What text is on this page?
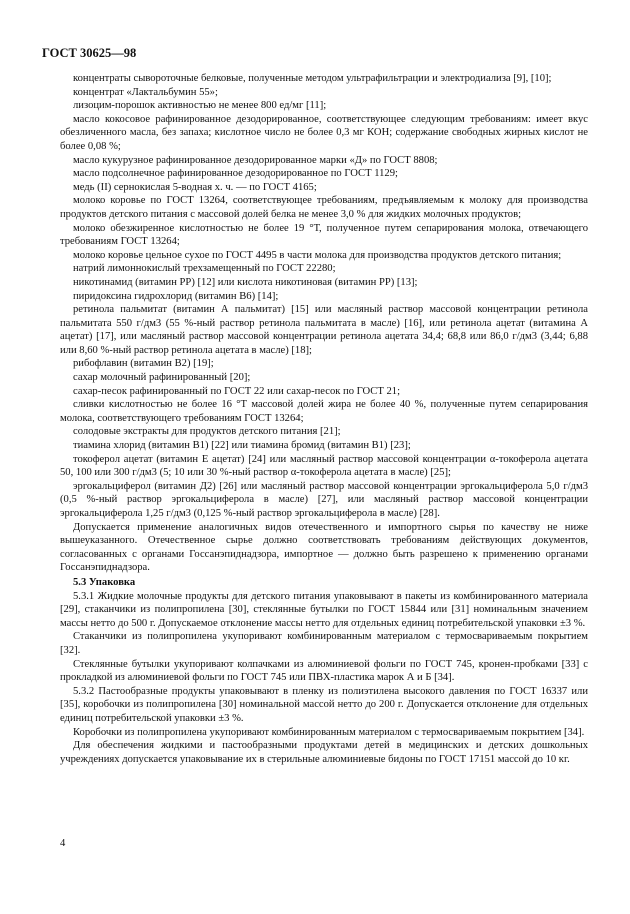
ГОСТ 30625—98

концентраты сывороточные белковые, полученные методом ультрафильтрации и электродиализа [9], [10];

концентрат «Лактальбумин 55»;

лизоцим-порошок активностью не менее 800 ед/мг [11];

масло кокосовое рафинированное дезодорированное, соответствующее следующим требованиям: имеет вкус обезличенного масла, без запаха; кислотное число не более 0,3 мг КОН; содержание свободных жирных кислот не более 0,08 %;

масло кукурузное рафинированное дезодорированное марки «Д» по ГОСТ 8808;

масло подсолнечное рафинированное дезодорированное по ГОСТ 1129;

медь (II) сернокислая 5-водная х. ч. — по ГОСТ 4165;

молоко коровье по ГОСТ 13264, соответствующее требованиям, предъявляемым к молоку для производства продуктов детского питания с массовой долей белка не менее 3,0 % для жидких молочных продуктов;

молоко обезжиренное кислотностью не более 19 °Т, полученное путем сепарирования молока, отвечающего требованиям ГОСТ 13264;

молоко коровье цельное сухое по ГОСТ 4495 в части молока для производства продуктов детского питания;

натрий лимоннокислый трехзамещенный по ГОСТ 22280;

никотинамид (витамин РР) [12] или кислота никотиновая (витамин РР) [13];

пиридоксина гидрохлорид (витамин В6) [14];

ретинола пальмитат (витамин А пальмитат) [15] или масляный раствор массовой концентрации ретинола пальмитата 550 г/дм3 (55 %-ный раствор ретинола пальмитата в масле) [16], или ретинола ацетат (витамина А ацетат) [17], или масляный раствор массовой концентрации ретинола ацетата 34,4; 68,8 или 86,0 г/дм3 (3,44; 6,88 или 8,60 %-ный раствор ретинола ацетата в масле) [18];

рибофлавин (витамин В2) [19];

сахар молочный рафинированный [20];

сахар-песок рафинированный по ГОСТ 22 или сахар-песок по ГОСТ 21;

сливки кислотностью не более 16 °Т массовой долей жира не более 40 %, полученные путем сепарирования молока, соответствующего требованиям ГОСТ 13264;

солодовые экстракты для продуктов детского питания [21];

тиамина хлорид (витамин В1) [22] или тиамина бромид (витамин В1) [23];

токоферол ацетат (витамин Е ацетат) [24] или масляный раствор массовой концентрации α-токоферола ацетата 50, 100 или 300 г/дм3 (5; 10 или 30 %-ный раствор α-токоферола ацетата в масле) [25];

эргокальциферол (витамин Д2) [26] или масляный раствор массовой концентрации эргокальциферола 5,0 г/дм3 (0,5 %-ный раствор эргокальциферола в масле) [27], или масляный раствор массовой концентрации эргокальциферола 1,25 г/дм3 (0,125 %-ный раствор эргокальциферола в масле) [28].

Допускается применение аналогичных видов отечественного и импортного сырья по качеству не ниже вышеуказанного. Отечественное сырье должно соответствовать требованиям действующих документов, согласованных с органами Госсанэпиднадзора, импортное — должно быть разрешено к применению органами Госсанэпиднадзора.

5.3 Упаковка

5.3.1 Жидкие молочные продукты для детского питания упаковывают в пакеты из комбинированного материала [29], стаканчики из полипропилена [30], стеклянные бутылки по ГОСТ 15844 или [31] номинальным значением массы нетто до 500 г. Допускаемое отклонение массы нетто для отдельных единиц потребительской упаковки ±3 %.

Стаканчики из полипропилена укупоривают комбинированным материалом с термосвариваемым покрытием [32].

Стеклянные бутылки укупоривают колпачками из алюминиевой фольги по ГОСТ 745, кронен-пробками [33] с прокладкой из алюминиевой фольги по ГОСТ 745 или ПВХ-пластика марок А и Б [34].

5.3.2 Пастообразные продукты упаковывают в пленку из полиэтилена высокого давления по ГОСТ 16337 или [35], коробочки из полипропилена [30] номинальной массой нетто до 200 г. Допускается отклонение для отдельных единиц потребительской упаковки ±3 %.

Коробочки из полипропилена укупоривают комбинированным материалом с термосвариваемым покрытием [34].

Для обеспечения жидкими и пастообразными продуктами детей в медицинских и детских дошкольных учреждениях допускается упаковывание их в стерильные алюминиевые бидоны по ГОСТ 17151 массой до 10 кг.

4
